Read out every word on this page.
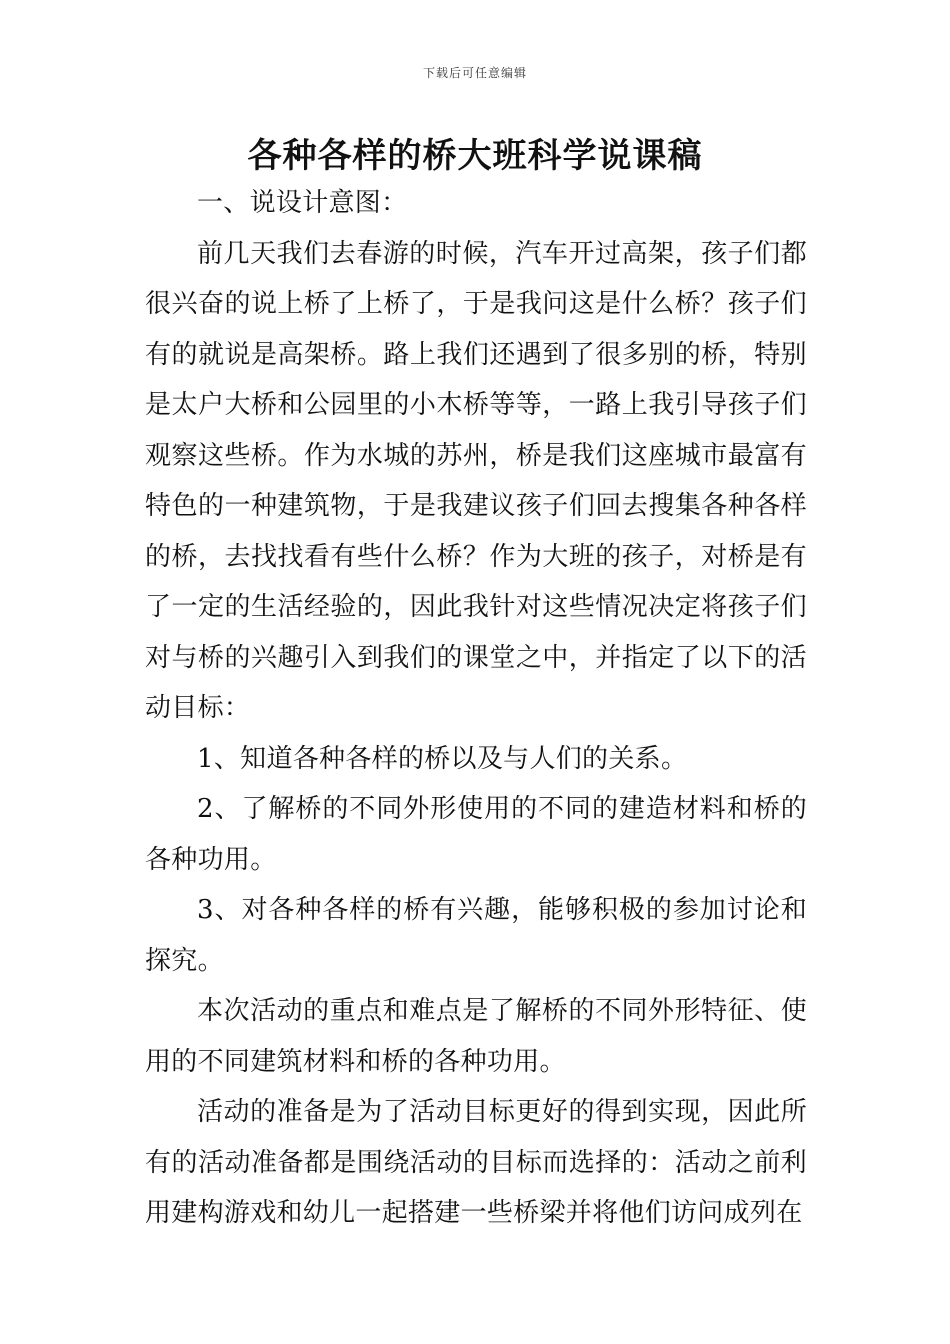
下载后可任意编辑
各种各样的桥大班科学说课稿

一、说设计意图：

前几天我们去春游的时候，汽车开过高架，孩子们都很兴奋的说上桥了上桥了，于是我问这是什么桥？孩子们有的就说是高架桥。路上我们还遇到了很多别的桥，特别是太户大桥和公园里的小木桥等等，一路上我引导孩子们观察这些桥。作为水城的苏州，桥是我们这座城市最富有特色的一种建筑物，于是我建议孩子们回去搜集各种各样的桥，去找找看有些什么桥？作为大班的孩子，对桥是有了一定的生活经验的，因此我针对这些情况决定将孩子们对与桥的兴趣引入到我们的课堂之中，并指定了以下的活动目标：

1、知道各种各样的桥以及与人们的关系。

2、了解桥的不同外形使用的不同的建造材料和桥的各种功用。

3、对各种各样的桥有兴趣，能够积极的参加讨论和探究。

本次活动的重点和难点是了解桥的不同外形特征、使用的不同建筑材料和桥的各种功用。

活动的准备是为了活动目标更好的得到实现，因此所有的活动准备都是围绕活动的目标而选择的：活动之前利用建构游戏和幼儿一起搭建一些桥梁并将他们访问成列在
